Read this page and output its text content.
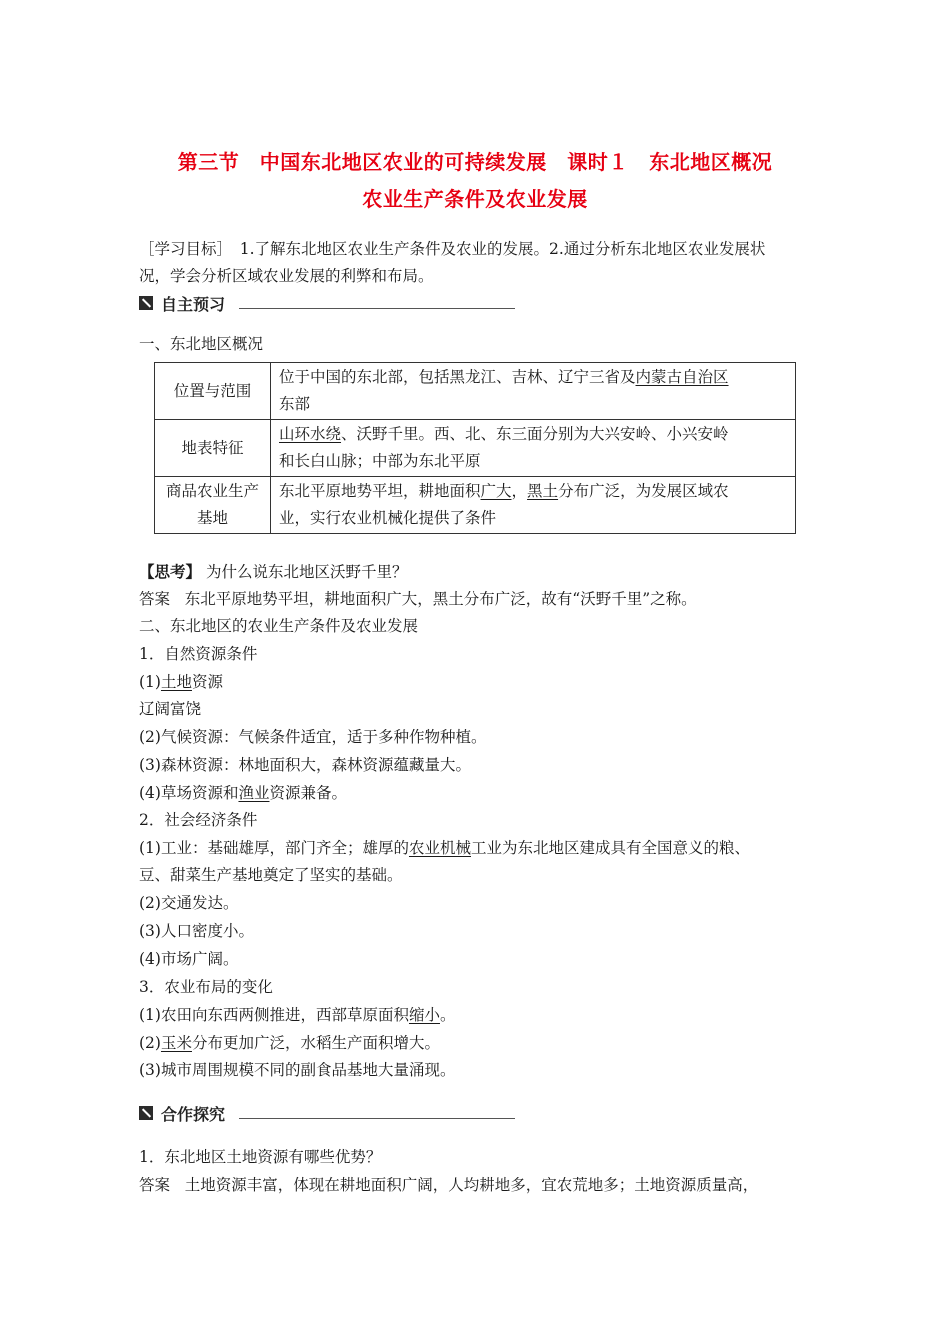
第三节　中国东北地区农业的可持续发展　课时１　东北地区概况
农业生产条件及农业发展
［学习目标］　1.了解东北地区农业生产条件及农业的发展。2.通过分析东北地区农业发展状
况，学会分析区域农业发展的利弊和布局。
自主预习
一、东北地区概况
位置与范围	位于中国的东北部，包括黑龙江、吉林、辽宁三省及内蒙古自治区
东部
地表特征	山环水绕、沃野千里。西、北、东三面分别为大兴安岭、小兴安岭
和长白山脉；中部为东北平原
商品农业生产
基地	东北平原地势平坦，耕地面积广大，黑土分布广泛，为发展区域农
业，实行农业机械化提供了条件
【思考】 为什么说东北地区沃野千里？
答案 东北平原地势平坦，耕地面积广大，黑土分布广泛，故有“沃野千里”之称。
二、东北地区的农业生产条件及农业发展
1．自然资源条件
(1)土地资源
辽阔富饶
(2)气候资源：气候条件适宜，适于多种作物种植。
(3)森林资源：林地面积大，森林资源蕴藏量大。
(4)草场资源和渔业资源兼备。
2．社会经济条件
(1)工业：基础雄厚，部门齐全；雄厚的农业机械工业为东北地区建成具有全国意义的粮、
豆、甜菜生产基地奠定了坚实的基础。
(2)交通发达。
(3)人口密度小。
(4)市场广阔。
3．农业布局的变化
(1)农田向东西两侧推进，西部草原面积缩小。
(2)玉米分布更加广泛，水稻生产面积增大。
(3)城市周围规模不同的副食品基地大量涌现。
合作探究
1．东北地区土地资源有哪些优势？
答案 土地资源丰富，体现在耕地面积广阔，人均耕地多，宜农荒地多；土地资源质量高，
